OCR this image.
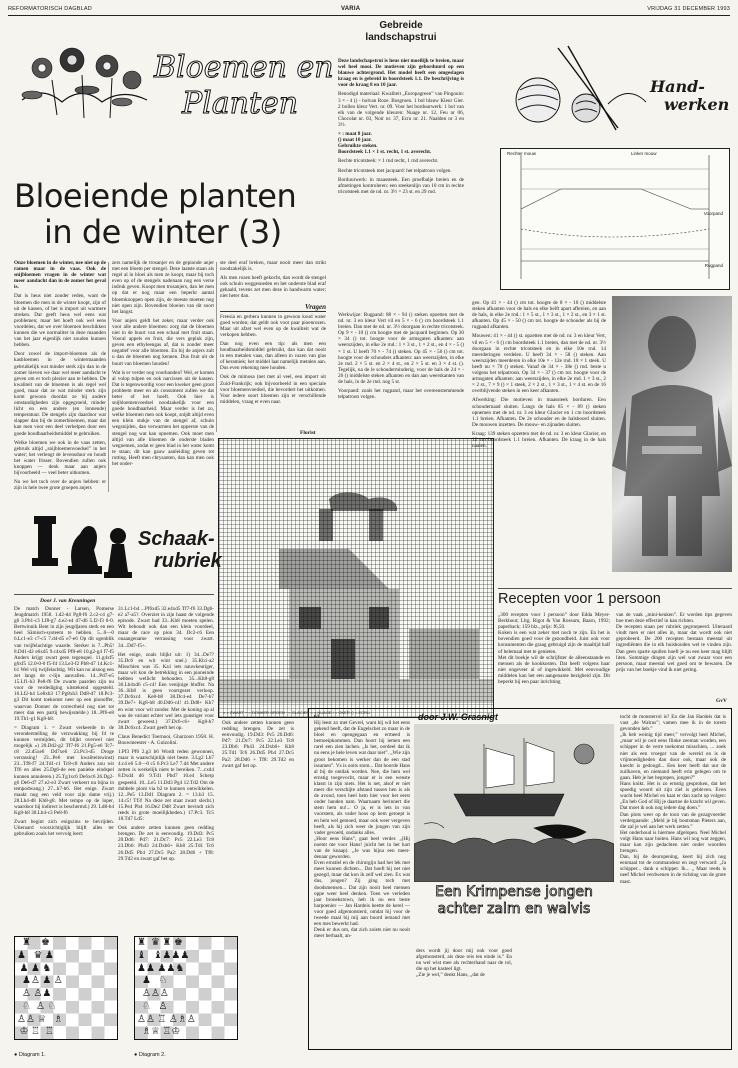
REFORMATORISCH DAGBLAD	VARIA	VRIJDAG 31 DECEMBER 1993
Bloemen en
Planten
Bloeiende planten
in de winter (3)

Onze bloemen in de winter, nee niet op de ramen maar in de vaas. Ook de snijbloemen vragen in de winter wat meer aandacht dan in de zomer het geval is.

Dat is heus niet zonder reden, want de bloemen die men in de winter koopt, zijn of uit de kassen, of het is import uit warmere streken. Dat geeft heus wel eens wat problemen; maar het hoeft ook wel eens voordelen, dat we over bloemen beschikken kunnen die we normaliter in deze maanden van het jaar eigenlijk niet zouden kunnen hebben.

Door zowel de import-bloemen als de kasbloemen in de wintermaanden gebruikelijk wat minder sterk zijn dan in de zomer hieven we daar wel meer aandacht te geven om er toch plezier aan te hebben. De kwaliteit van de bloemen is als regel wel goed, maar dat ze wat minder sterk zijn komt gewoon doordat ze bij andere omstandigheden zijn opgegroeid, minder licht en een andere (en lonnende) temperatuur. De stengels zijn daardoor wat slapper dan bij de zomerbloemen, maar dat kan men voor een deel verhelpen door een goede houdbaarheidsmiddel te gebruiken.

Welke bloemen we ook in de vaas zetten, gebruik altijd „snijbloemenvoedsel” in het water; het verlengt de levensduur en houdt het water frisser. Bovendien zullen ook knoppen — denk maar aan anjers bijvoorbeeld — veel beter uitkomen.

Nu we het toch over de anjers hebben: er zijn in hele twee grote groepen anjers

zers namelijk de trosanjer en de gepionde anjer met een bloem per stengel. Deze laatste staan als regel al in bloei als men ze koopt, maar bij toch even op of de stengels nadenaan nog een verse indruk geven. Koopt men trosanjers, dan let men op dat er nog maar een beperkt aantal bloemknoppen open zijn, de meeste moeten nog niet open zijn. Bovendien bloeien van dit soort het langst.

Voor anjers geldt het zeker, maar verder ook voor alle andere bloemen: zorg dat de bloemen niet in de buurt van een schaal met fruit staan. Vooral appels en fruit, die vers gepluk zijn, geven een ethyleengas af, dat is zonder meer negatief voor alle bloemen. En bij de anjers zult u dan de bloemen nog kennen. Dus fruit uit de buurt van bloemen houden!

Wat is er verder nog voorhanden? Wel, er komen al volop tulpen en ook narcissen uit de kassen. Dat is tegenwoordig voor een kweker geen groot probleem meer en als consument zullen we dat beter of het hoeft. Ook hier is snijbloemenvoedsel noodzakelijk voor een goede houdbaarheid. Maar verder is het zo, welke bloemen men ook koopt, snijdt altijd even een klein stukje van de stengel af, schuin wegsnijden, dan verwarmen het opperste van de stengel nog wat kan opnemen. Ook moet men altijd van alle bloemen de onderste bladen wegnemen, zodat er geen blad in het water komt te staan; dit kan gauw aanleiding geven tot rotting. Heeft men chrysanten, dan kan men ook het onder-

ste deel eraf breken, maar nooit meer dan strikt noodzakelijk is.

Als men rozen heeft gekocht, dan wordt de stengel ook schuin weggesneden en het onderste blad eraf gehaald, tevens zet men deze in handwarm water; niet heter dan.

Vragen

Freesia en gerbera kunnen in gewoon koud water goed worden; dat geldt ook voor paar pioenrozen. Maar uit afzet wel even op de kwaliteit wat de verkopen hebben.

Dan nog even een tip: als men een houdbaarheidsmiddel gebruikt, dan kan dat nooit in een metalen vaas, dan alleen in vazen van glas of keramiek; het middel laat namelijk metalen aan. Dus even rekening mee houden.

Ook de mimosa (net met al veel, een import uit Zuid-Frankrijk; ook bijvoorbeeld in een speciale voor bloemenvoedsel, die bevordert het uitkomen. Voor iedere soort bloemen zijn er verschillende middelen, vraag er even naar.

Florist
× = ZWART + = DONKER GROEN · = GLACIER ○ = NUAGE / = OKER ◇ = ECRU
Gebreide
landschapstrui

Deze landschapstrui is heus niet moeilijk te breien, maar wel heel mooi. De motieven zijn geborduurd op een blauwe achtergrond. Het model heeft een omgeslagen kraag en is gebreid in boordsteek 1.1. De beschrijving is voor de kraag 8 en 10 jaar.

Benodigd materiaal: Kwaliteit „Europagreen” van Pingouin: 3 × - 4 () - bolvan Roze. Bosgroen. 1 bol blauw Kleur Gier. 2 bollen kleur Vert. nr. 09. Voor het borduurwerk: 1 bol van elk van de volgende kleuren: Nuage nr. 12, Feu nr 06, Chocolat nr. 03, Noir nr. 37, Ecru nr. 21. Naalden nr 3 en 3½.

× : maat 8 jaar.
() maat 10 jaar.
Gebruikte steken.
Boordsteek 1.1 × 1 st. recht, 1 st. averecht.

Rechte tricotsteek: × 1 rnd recht, 1 rnd averecht.

Rechte tricotsteek met jacquard: het telpatroon volgen.

Borduurwerk: in maassteek. Een proefbalje breien en de afmetingen kontroleren: een steekenlijn van 10 cm in rechte tricotsteek met de nd. nr. 3½ = 23 st. en 29 rnd.

Werkwijze: Rugpand: 88 × - 94 () steken opzetten met de nd. nr. 3 en kleur Vert vil en 5 × - 6 () cm boordsteek 1.1 breien. Dan met de nd. nr. 3½ doorgaan in rechte tricotsteek. Op 9 × - 10 () cm hoogte met de jacquard beginnen. Op 30 × 34 () tot. hoogte voor de armsgaten afkanten: aan weerszijden, in elke 2e rnd.: 1 × 3 st., 1 × 2 st., en 4 × - 5 () × 1 st. U heeft 70 × - 74 () steken. Op 45 × - 50 () cm tot. hoogte voor de schouders afkanten: aan weerszijden, in elke 2e rnd. 2 × 5 st. en 2 × 4 st., en 2 × 5 st. en 3 × 4 st. (). Tegelijk, na de le schouderminderig, voor de hals de 24 × - 26 () middelste steken afkanten en dan aan weerskanten van de hals, in de 2e rnd. nog 5 st.

Voorpand: zoals het rugpand, maar het overeenstemmende telpatroon volgen.

Hand-
werken
Rechter mouw	Linker mouw
Voorpand
Rugpand

gen. Op 41 × - 44 () cm tot. hoogte de 8 × - 10 () middelste steken afkanten voor de hals en elke helft apart afbreien, en aan de hals, in elke 2e rnd.: 1 × 5 st., 1 × 3 st., 1 × 2 st., en 3 × 1 st. afkanten. Op 45 × - 50 () cm tot. hoogte de schouder als bij de rugpand afkanten.

Mouwen: 41 × - 44 () st. opzetten met de nd. nr. 3 en kleur Vert, vil en 5 × - 6 () cm boordsteek 1.1 breien, dan met de nd. nr. 3½ doorgaan in rechte tricotsteek en in elke 10e rnd. 14 meerderingen verdelen. U heeft 34 × - 58 () steken. Aan weerszijden meerderen in elke 10e × - 12e rnd. 18 × 1 steek. U heeft nu × 70 () steken. Vanaf de 34 × - 38e () rnd. beste u volgens het telpatroon. Op 34 × - 37 () cm tot. hoogte voor de armsgaten afkanten: aan weerszijden, in elke 2e rnd. 1 × 3 st., 2 × 2 st., 7 × 9 () × 1 steek, 2 × 2 st., 1 × 3 st., 1 × 4 st. en de 16 overblijvende steken in een keer afkanten.

Afwerking: Die motieven in maassteek borduren. Een schoudernaad sluiten. Langs de hals 85 × - 89 () steken opnemen met de nd. nr. 3 en kleur Glacier en 1 cm boordsteek 1.1 breien. Afkanten. De 2e schouder en de halsboord sluiten. De mouwen inzetten. De mouw- en zijnaden sluiten.

Kraag: 139 steken opzetten met de nd. nr. 3 en kleur Glacier, en 12 cm boordsteek 1.1 breien. Afkanten. De kraag in de hals naaien.

Schaak-
rubriek
Door J. van Kreuningen

De match Donner - Larsen, Pomerse Jeugdmatch 1958. 1.d2-d4 Pg8-f6 2.c2-c4 g7-g6 3.Pb1-c3 Lf8-g7 4.e2-e4 d7-d6 5.f2-f3 0-0. Bertwinnik Bent in zijn jeugdjaren sterk en een heel Sämisch-systeem te hebben. 5...0—0 6.Lc1-e3 c7-c5 7.d4-d5 e7-e6 Op dit ogenblik van twijfelachtige waarde. Sterker is 7...Pb5! 8.Dd1-d2 e6xd5 9.c4xd5 Pf8-e8 10.g2-g4 f7-f5 Anders krijgt zwart geen tegenspel. 11.g4xf5 g6xf5 12.0-0-0 f5-f4 13.Le3-f2 Pb8-d7 14.Kc1-b1 Wel vrij twijfelachtig. Wit kan nu alsnog een zet langs de c-lijn aanvallen. 14...Pd7-e5 15.Lf1-h3 Pe8-f6 De zwarte paarden zijn nu voor de verdediging uitstekend opgesteld. 16.Lf2-h4 Le8xh3 17.Pg8xh3 Dd8-d7 18.Pc3-g3 Dit komt toekomst neer op een pionoffer, waarvan Donner de correctheid nog niet tot meer dan een partij bewijsstelde.) 18...Pf6-e8 19.Th1-g1 Kg8-h8.

= Diagram 1. = Zwart verkeerde in de veronderstelling de verzwakking bij f4 te kunnen vermijden, dit blijkt overwel niet mogelijk ») 20.Dd2-g2 Tf7-f6 21.Pg5-e6 Tc7-c8 22.d5xe6 Dd7xe6 23.Pc3-d5 Droge verrassing! 23...Pe6 met kwaliteitswinst) 23...Tf8-f7 24.Td1-c1 Tc8-c8 Anders zou wit Tf6 en alles 25.Dg6-de een panieke eindspel kunnen annuleren.) 25.Tg1xc6 De6xc6 26.Dg2-g6 De6-d7 27.e2-e3 Zwart verkeert nu bijna in tempodwang.) 27...h7-h6. Het enige. Zwart maakt nog een veld voor zijn dame vrij.) 28.Lh4-d8 Kh8-g8. Met tempo op de loper, waardoor hij indirect is beschermd.) 29. Ld8-b4 Kg8-h8 30.Lb4-c3 Pe8-f6

Zwart begint zich enigszins te bevrijden. Uiteraard voorzichtiglijk blijft alles ter gebruiken zoals het vervolg leert:

31.Lc1-b4 ...Pf6xd5 32.e4xd5 Tf7-f6 33.Dg6-e2 a7-a5?. Overziet in zijn haast de volgende episode. Zwart had 33...Kh8 moeten spelen. Wit behoudt ook dan een klein voordeel, maar de race op pion 34. Dc2-c6 Een onaangename verrassing voor zwart. 34...Dd7-f5+.

Het enige, zoals blijkt uit: 1) 34...De7? 35.Dc6 en wit wint snel.) 35.Kb1-a2 Misschien was 35. Ka1 iets nauwkeuriger, maar wit kon de betrekking in een pioneinde hebben wellicht behouden. 35...Kh8-g8 36.Lb4xd6 c5-c4! Een venijnige bluffer. Na 36...Kh8 is geen voortgezet verloop. 37.Dc6xc4 Ke8-b8 38.Dc4-e4 De7-b7 39.De7+ Kg8-h8 40.Dd6-c4! 41.Dd8+ Kh7 en wint voor wit zonder. Met de koning op al was de variant echter wel iets gunstiger voor zwart geweest.) 37.Dc6-c6+ Kg8-h7 38.Dc6xc4. Zwart geeft het op.

Claus Benedict Toernooi, Gharzoon 1958. H. Bouwmeester - A. Guizolini.

1.Pf3 Pf6 2.g3 b6 Wordt reden gewonnen, maar is waarschijnlijk niet beste. 3.Lg2 Lb7 4.c4 e6 5.0—0 c5 6.Pc3 Le7 7.d4 Met andere zetten is werkelijk niets te bereiken. 7...cxd4 8.Dxd4 d6 9.Td1 Pbd7 10.e4 Scherp gespeeld. 10...Le5 11.Dd3 Pg4 12.Td2 Om de dubbele piont via b2 te kunnen ontwikkelen. 12...Pe5 13.Dd1 Diagram 2. = 13.b3 15. 14.c5! Tf3! Na deze zet staat zwart slecht.) 15.Pe4 Pb4 16.De2 Dd8 Zwart bevindt zich reeds in grote moeilijkheden.) 17.Pc3. Tc5 18.Td7 Ld5:

Ook andere zetten kunnen geen redding brengen. De zet is eenvoudig. 19.Dd3: Pc5 20.Dd6: Pd7: 21.Dc7: Pc5 22.Le3 Tc8 23.Db6: Ph43 24.Dxb6+ Kb8 25.Td1 Tc6 26.Dd5 Pb4 27.Dc5 Pa2: 28.Dd6 + Tf8: 29.Td2 en zwart gaf het op.

Ook andere zetten kunnen geen redding brengen. De zet is eenvoudig. 19.Dd3: Pc5 20.Dd6: Pd7: 21.Dc7: Pc5 22.Le3 Tc8 23.Db6: Ph43 24.Dxb6+ Kb8 25.Td1 Tc6 26.Dd5 Pb4 27.Dc5 Pa2: 28.Dd6 + Tf8: 29.Td2 en zwart gaf het op.

♜    ♚
♟   ♛ ♟
♟ ♟ ♞
♟♙ ♟ ♙
♙ ♙♟
♘  ♙ ♘
♙♙ ♕   ♗
♔ ♖  ♖
● Diagram 1.
♜  ♛ ♜ ♚
♝   ♝♟♟♟
♟♟ ♟♟♞
♟   ♘
♙♙♙
♘   ♙
♙♙ ♖ ♙♗♙
♗♕ ♖♔
● Diagram 2.
Recepten voor 1 persoon

„300 recepten voor 1 persoon” door Edda Meyer-Berkhout; Lltg. Rigot & Van Rossum, Baarn, 1992; paperback; 159 blz., prijs: f6,50.
Koken is een wat zeker met noch te zijn. En het is bovendien goed voor de gezondheid. Juist ook voor konsumenten die graag gebruigd zijn de maaltijd half of helemaal met te genieten.
Met dit boekje wil de schrijfster de alleenstaande en mensen als de kookkosten. Dat heeft volgens haar niet ongeveer al of ingewikkeld. Met eenvoudige middelen kan het een aangename bezigheid zijn. Dit beperkt hij een paar inrichting

van de vaak „mini-keuken”. Er worden tips gegeven hoe men deze effectief in kan richten.
De recepten staan per rubriek gegroepeerd. Uiteraard vindt men er niet alles in, maar dat wordt ook niet geprobeerd. De 200 recepten bestaan meestal uit ingrediënten die in elk huishouden wel te vinden zijn. Dan geen sparte spullen hoeft je nu een keer mag blijft liten. Sommige dingen zijn wel wat zwaar voor een persoon, maar meestal wel goed om te bewaren. De prijs van het boekje vind ik niet gering.

GvV
61

Hij leest zo met Gevrel, want hij wil het eens gekend heeft, dat de Engelschet zo maar in de bloei en opengegaan en ermeed is bemoeipkommen. Dan hoort hij iemen een rarel een zien lachen. „Is het, oordeel dat ik nu eens je hele leven wat daar niet”. „Wie zijn groot bekomen is werker dan de een stad issumen”. Vs is ooits stom... Dat hoorde Hans al bij de ontdak worden. Nee, die hem wel ernstig toegevocht, maar er is een wenste klasst in zijn niets. Het is net, alsof er niet meer die verschijte afstand tussen hen is als de avond, toen heel hem hier voor het eerst onder handen nam. Waarnaam herinnert die stem hem nu!... O ja, er is iets in van voorstem, als vader hoos op hem geroept is en hem wel gemoed, maar ook weer vergeven heeft, als hij zich weer de jongen van zijn vader gevoeld, ondanks alles.
„Hoor eens Hans”, gaat heel verder. „(Hij noemt me voor Hans! juicht het in het hart van de knaap). „Je was bijna een meer- denaar geworden.
Even ernstiel en de chirurgijn had het lek met meer kunnen dichten... Dat hoeft hij net niet gezegd, maar dat kon ik zelf wel zien. Ex wat dus, jongen? Zij ging toch met doodsmensen... Dat zijn nooit heel mensen oppe weer heel denken. Toen we verleden jaar bronekstown, heb ik nu een beste harpoenier — Jan Hardeis heette de kerel — voor goed afgemonsterd, omdat hij voor de tweede maal bij mij aan boord iemand met een mes bewerkt had.
Denk er dus om, dat zich zoiets niet nu nooit meer herhaalt, an-

door J.W. Grasnigt
Een Krimpense jongen
achter zalm en walvis

ders wordt jij door mij ook voor goed afgemonsterd, als deze reis ten einde is.” En nu wel wist mee als rechterhand naar de rol, die op het kasteel ligt.
„Zie je wel,” denkt Hans, „dat de

tocht de monsterrol is? En die Jan Hardeis dat is vast „de Walrus”; vamen mee ik in de torem gevonden heb.”
„Ik heb weinig tijd meer,” vervolgt heel Michel, „maar wil je ooit eens flinke zeeman worden, een schipper in de verre toekomst misschien, ... zoek niet als een vroeger van de wereld en is de vrijmoedigheden dan door ook, maar ook de knecht is gedoogd... Een keer heeft dat uur de zuilhaven, en niemand heeft erin gelegen om te gaan. Heb je het begrepen, jongen?”
Hans knikt. Het is zo ernstig gesproken, dat het spoedig woord uit zijn ziel is gebleven. Even wacht heel Michel en kaat er dan zacht op volgen: „En heb God of Hij je daartoe de kracht wil geven. Dat moet ik ook nog iedere dag doen.”
Dan plots weer op de toon van de gezagvoerder verdergaande: „Meld je bij bootsman Pieters aan, die zal je wel aan het werk zetten.”
Het onderhoud is hiermee afgelopen. Neel Michel volgt Hans naar buiten. Hans wil nog wat zeggen, maar kan zijn gedachten niet onder woorden brengen.
Dan, bij de deuropening, keert hij zich nog eenmaal tot de commandeur en zegt verward: „Ja schipper... dank u schipper. Ik... „ Maar reeds is neef Michel verdwenen in de richting van de grote mast.
